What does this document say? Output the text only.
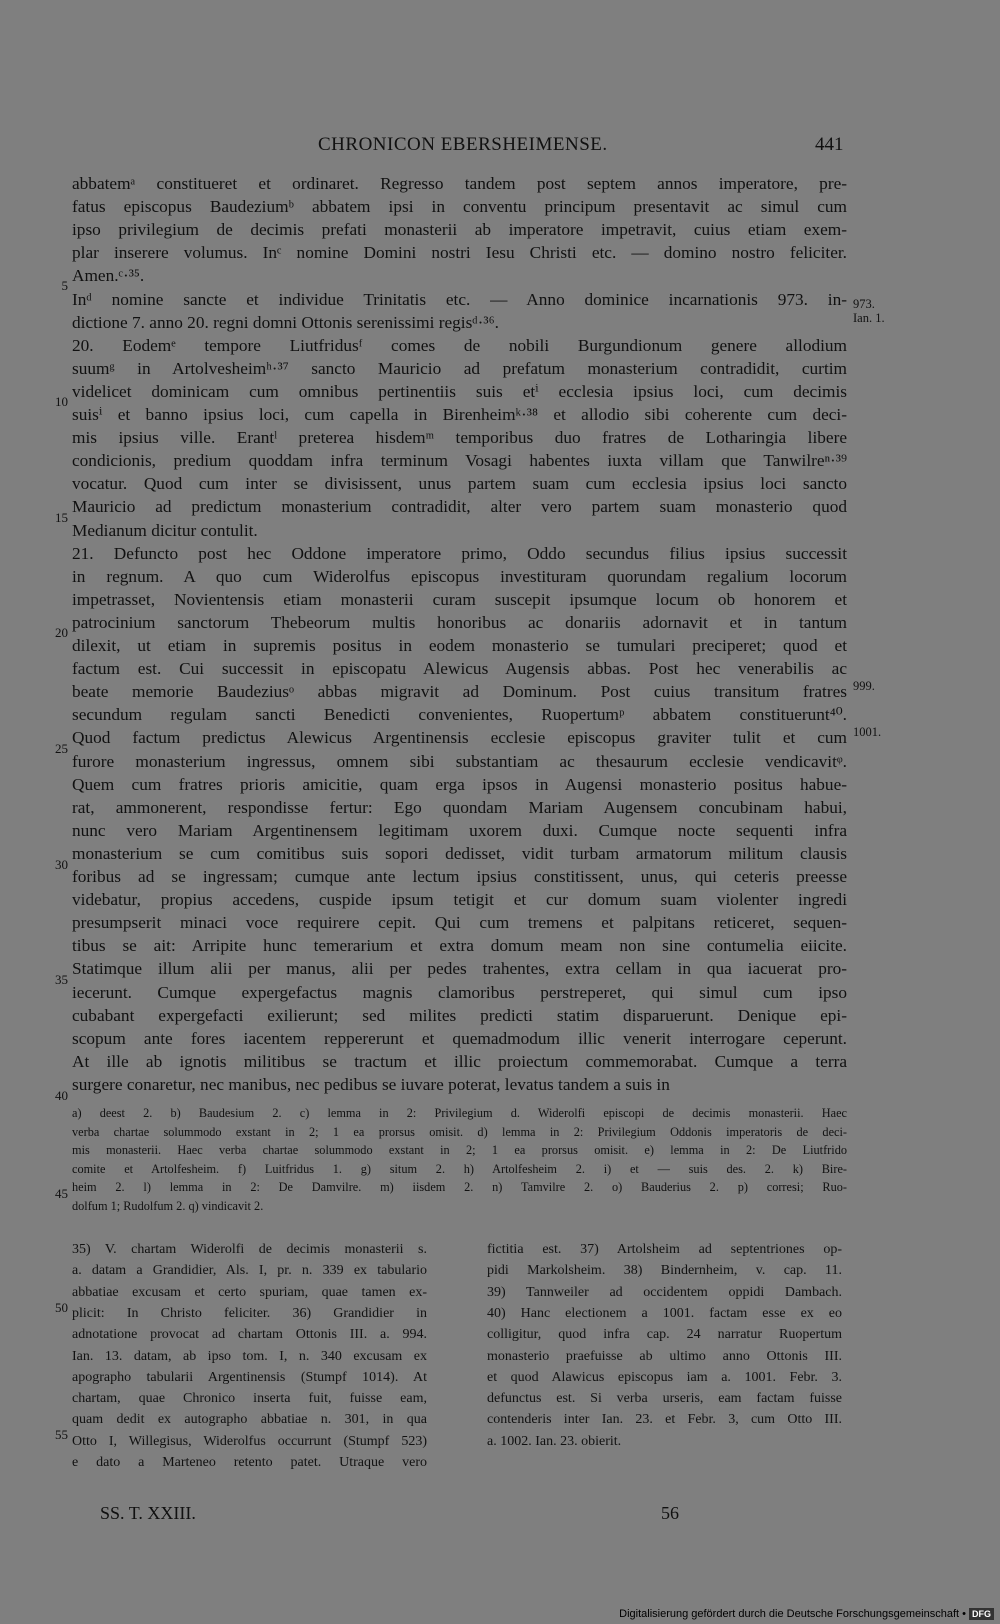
CHRONICON EBERSHEIMENSE.	441
abbatemᵃ constitueret et ordinaret. Regresso tandem post septem annos imperatore, pre-
fatus episcopus Baudeziumᵇ abbatem ipsi in conventu principum presentavit ac simul cum
ipso privilegium de decimis prefati monasterii ab imperatore impetravit, cuius etiam exem-
plar inserere volumus. Inᶜ nomine Domini nostri Iesu Christi etc. — domino nostro feliciter.
Amen.ᶜ·³⁵.
Inᵈ nomine sancte et individue Trinitatis etc. — Anno dominice incarnationis 973. in-
dictione 7. anno 20. regni domni Ottonis serenissimi regisᵈ·³⁶.
20. Eodemᵉ tempore Liutfridusᶠ comes de nobili Burgundionum genere allodium
suumᵍ in Artolvesheimʰ·³⁷ sancto Mauricio ad prefatum monasterium contradidit, curtim
videlicet dominicam cum omnibus pertinentiis suis etⁱ ecclesia ipsius loci, cum decimis
suisⁱ et banno ipsius loci, cum capella in Birenheimᵏ·³⁸ et allodio sibi coherente cum deci-
mis ipsius ville. Erantˡ preterea hisdemᵐ temporibus duo fratres de Lotharingia libere
condicionis, predium quoddam infra terminum Vosagi habentes iuxta villam que Tanwilreⁿ·³⁹
vocatur. Quod cum inter se divisissent, unus partem suam cum ecclesia ipsius loci sancto
Mauricio ad predictum monasterium contradidit, alter vero partem suam monasterio quod
Medianum dicitur contulit.
21. Defuncto post hec Oddone imperatore primo, Oddo secundus filius ipsius successit
in regnum. A quo cum Widerolfus episcopus investituram quorundam regalium locorum
impetrasset, Novientensis etiam monasterii curam suscepit ipsumque locum ob honorem et
patrocinium sanctorum Thebeorum multis honoribus ac donariis adornavit et in tantum
dilexit, ut etiam in supremis positus in eodem monasterio se tumulari preciperet; quod et
factum est. Cui successit in episcopatu Alewicus Augensis abbas. Post hec venerabilis ac
beate memorie Baudeziusᵒ abbas migravit ad Dominum. Post cuius transitum fratres
secundum regulam sancti Benedicti convenientes, Ruopertumᵖ abbatem constituerunt⁴⁰.
Quod factum predictus Alewicus Argentinensis ecclesie episcopus graviter tulit et cum
furore monasterium ingressus, omnem sibi substantiam ac thesaurum ecclesie vendicavitᵠ.
Quem cum fratres prioris amicitie, quam erga ipsos in Augensi monasterio positus habue-
rat, ammonerent, respondisse fertur: Ego quondam Mariam Augensem concubinam habui,
nunc vero Mariam Argentinensem legitimam uxorem duxi. Cumque nocte sequenti infra
monasterium se cum comitibus suis sopori dedisset, vidit turbam armatorum militum clausis
foribus ad se ingressam; cumque ante lectum ipsius constitissent, unus, qui ceteris preesse
videbatur, propius accedens, cuspide ipsum tetigit et cur domum suam violenter ingredi
presumpserit minaci voce requirere cepit. Qui cum tremens et palpitans reticeret, sequen-
tibus se ait: Arripite hunc temerarium et extra domum meam non sine contumelia eiicite.
Statimque illum alii per manus, alii per pedes trahentes, extra cellam in qua iacuerat pro-
iecerunt. Cumque expergefactus magnis clamoribus perstreperet, qui simul cum ipso
cubabant expergefacti exilierunt; sed milites predicti statim disparuerunt. Denique epi-
scopum ante fores iacentem reppererunt et quemadmodum illic venerit interrogare ceperunt.
At ille ab ignotis militibus se tractum et illic proiectum commemorabat. Cumque a terra
surgere conaretur, nec manibus, nec pedibus se iuvare poterat, levatus tandem a suis in
5
10
15
20
25
30
35
40
45
50
55
973.
Ian. 1.
999.
1001.
a) deest 2. b) Baudesium 2. c) lemma in 2: Privilegium d. Widerolfi episcopi de decimis monasterii. Haec
verba chartae solummodo exstant in 2; 1 ea prorsus omisit. d) lemma in 2: Privilegium Oddonis imperatoris de deci-
mis monasterii. Haec verba chartae solummodo exstant in 2; 1 ea prorsus omisit. e) lemma in 2: De Liutfrido
comite et Artolfesheim. f) Luitfridus 1. g) situm 2. h) Artolfesheim 2. i) et — suis des. 2. k) Bire-
heim 2. l) lemma in 2: De Damvilre. m) iisdem 2. n) Tamvilre 2. o) Bauderius 2. p) corresi; Ruo-
dolfum 1; Rudolfum 2. q) vindicavit 2.
35) V. chartam Widerolfi de decimis monasterii s.
a. datam a Grandidier, Als. I, pr. n. 339 ex tabulario
abbatiae excusam et certo spuriam, quae tamen ex-
plicit: In Christo feliciter. 36) Grandidier in
adnotatione provocat ad chartam Ottonis III. a. 994.
Ian. 13. datam, ab ipso tom. I, n. 340 excusam ex
apographo tabularii Argentinensis (Stumpf 1014). At
chartam, quae Chronico inserta fuit, fuisse eam,
quam dedit ex autographo abbatiae n. 301, in qua
Otto I, Willegisus, Widerolfus occurrunt (Stumpf 523)
e dato a Marteneo retento patet. Utraque vero
fictitia est. 37) Artolsheim ad septentriones op-
pidi Markolsheim. 38) Bindernheim, v. cap. 11.
39) Tannweiler ad occidentem oppidi Dambach.
40) Hanc electionem a 1001. factam esse ex eo
colligitur, quod infra cap. 24 narratur Ruopertum
monasterio praefuisse ab ultimo anno Ottonis III.
et quod Alawicus episcopus iam a. 1001. Febr. 3.
defunctus est. Si verba urseris, eam factam fuisse
contenderis inter Ian. 23. et Febr. 3, cum Otto III.
a. 1002. Ian. 23. obierit.
SS. T. XXIII.	56
Digitalisierung gefördert durch die Deutsche Forschungsgemeinschaft • DFG
